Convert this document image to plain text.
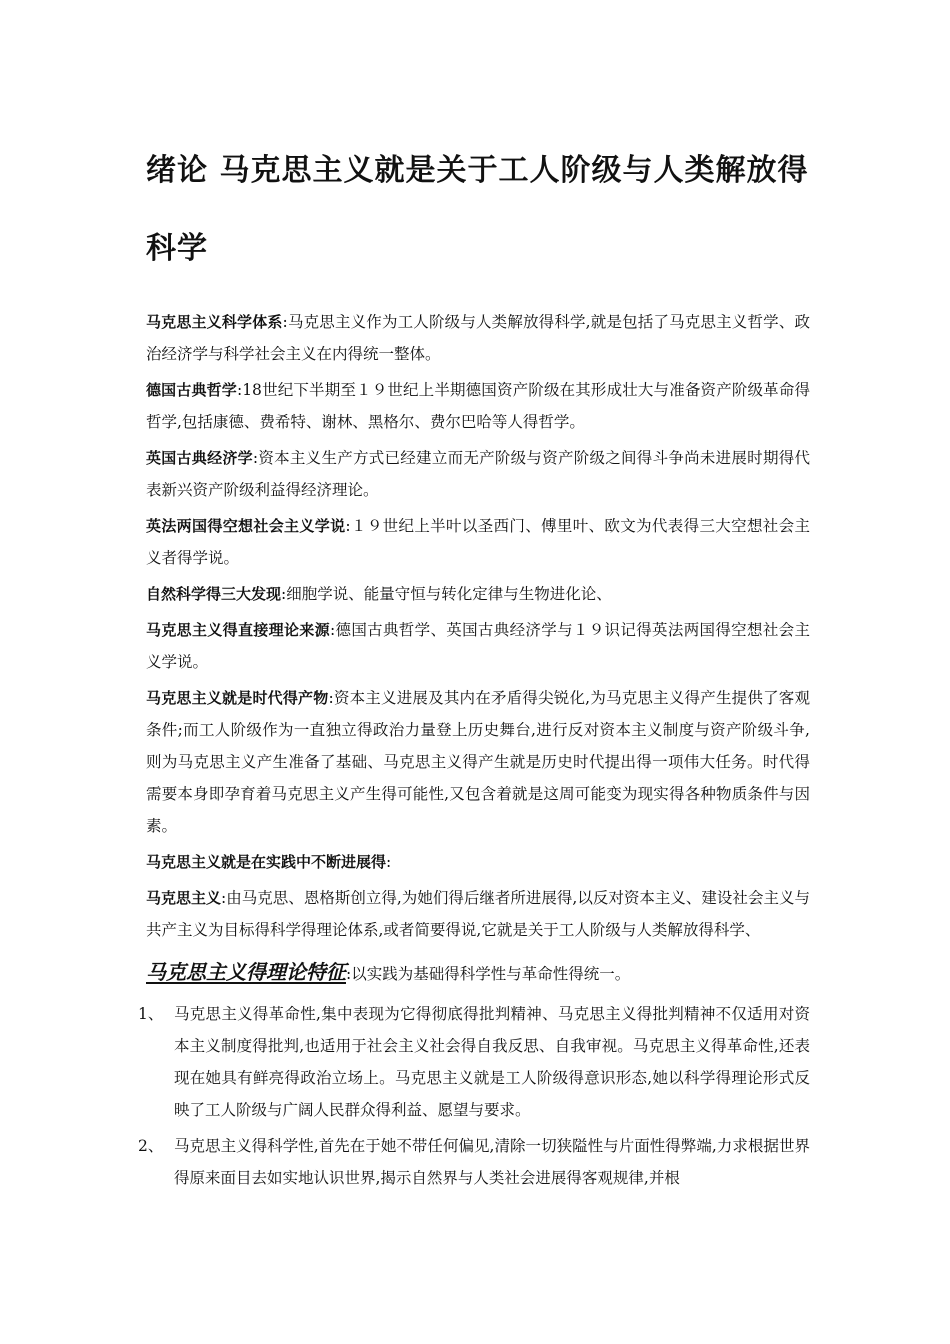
绪论 马克思主义就是关于工人阶级与人类解放得科学

马克思主义科学体系:马克思主义作为工人阶级与人类解放得科学,就是包括了马克思主义哲学、政治经济学与科学社会主义在内得统一整体。

德国古典哲学:18世纪下半期至１９世纪上半期德国资产阶级在其形成壮大与准备资产阶级革命得哲学,包括康德、费希特、谢林、黑格尔、费尔巴哈等人得哲学。

英国古典经济学:资本主义生产方式已经建立而无产阶级与资产阶级之间得斗争尚未进展时期得代表新兴资产阶级利益得经济理论。

英法两国得空想社会主义学说:１９世纪上半叶以圣西门、傅里叶、欧文为代表得三大空想社会主义者得学说。

自然科学得三大发现:细胞学说、能量守恒与转化定律与生物进化论、

马克思主义得直接理论来源:德国古典哲学、英国古典经济学与１９识记得英法两国得空想社会主义学说。

马克思主义就是时代得产物:资本主义进展及其内在矛盾得尖锐化,为马克思主义得产生提供了客观条件;而工人阶级作为一直独立得政治力量登上历史舞台,进行反对资本主义制度与资产阶级斗争,则为马克思主义产生准备了基础、马克思主义得产生就是历史时代提出得一项伟大任务。时代得需要本身即孕育着马克思主义产生得可能性,又包含着就是这周可能变为现实得各种物质条件与因素。

马克思主义就是在实践中不断进展得:

马克思主义:由马克思、恩格斯创立得,为她们得后继者所进展得,以反对资本主义、建设社会主义与共产主义为目标得科学得理论体系,或者简要得说,它就是关于工人阶级与人类解放得科学、

马克思主义得理论特征:以实践为基础得科学性与革命性得统一。

1、 马克思主义得革命性,集中表现为它得彻底得批判精神、马克思主义得批判精神不仅适用对资本主义制度得批判,也适用于社会主义社会得自我反思、自我审视。马克思主义得革命性,还表现在她具有鲜亮得政治立场上。马克思主义就是工人阶级得意识形态,她以科学得理论形式反映了工人阶级与广阔人民群众得利益、愿望与要求。
2、 马克思主义得科学性,首先在于她不带任何偏见,清除一切狭隘性与片面性得弊端,力求根据世界得原来面目去如实地认识世界,揭示自然界与人类社会进展得客观规律,并根
